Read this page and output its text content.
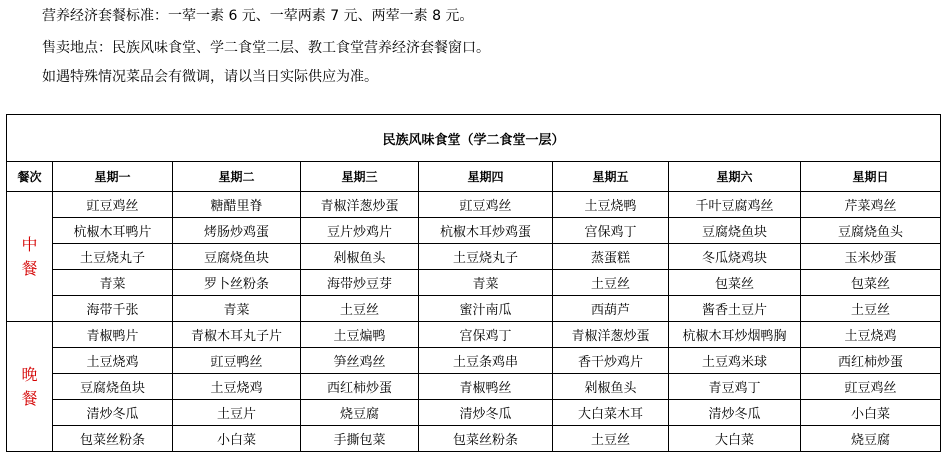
营养经济套餐标准：一荤一素 6 元、一荤两素 7 元、两荤一素 8 元。
售卖地点：民族风味食堂、学二食堂二层、教工食堂营养经济套餐窗口。
如遇特殊情况菜品会有微调，请以当日实际供应为准。
民族风味食堂（学二食堂一层）							
餐次	星期一	星期二	星期三	星期四	星期五	星期六	星期日

中
餐	豇豆鸡丝	糖醋里脊	青椒洋葱炒蛋	豇豆鸡丝	土豆烧鸭	千叶豆腐鸡丝	芹菜鸡丝
	杭椒木耳鸭片	烤肠炒鸡蛋	豆片炒鸡片	杭椒木耳炒鸡蛋	宫保鸡丁	豆腐烧鱼块	豆腐烧鱼头
	土豆烧丸子	豆腐烧鱼块	剁椒鱼头	土豆烧丸子	蒸蛋糕	冬瓜烧鸡块	玉米炒蛋
	青菜	罗卜丝粉条	海带炒豆芽	青菜	土豆丝	包菜丝	包菜丝
	海带千张	青菜	土豆丝	蜜汁南瓜	西葫芦	酱香土豆片	土豆丝

晚
餐	青椒鸭片	青椒木耳丸子片	土豆煸鸭	宫保鸡丁	青椒洋葱炒蛋	杭椒木耳炒烟鸭胸	土豆烧鸡
	土豆烧鸡	豇豆鸭丝	笋丝鸡丝	土豆条鸡串	香干炒鸡片	土豆鸡米球	西红柿炒蛋
	豆腐烧鱼块	土豆烧鸡	西红柿炒蛋	青椒鸭丝	剁椒鱼头	青豆鸡丁	豇豆鸡丝
	清炒冬瓜	土豆片	烧豆腐	清炒冬瓜	大白菜木耳	清炒冬瓜	小白菜
	包菜丝粉条	小白菜	手撕包菜	包菜丝粉条	土豆丝	大白菜	烧豆腐
